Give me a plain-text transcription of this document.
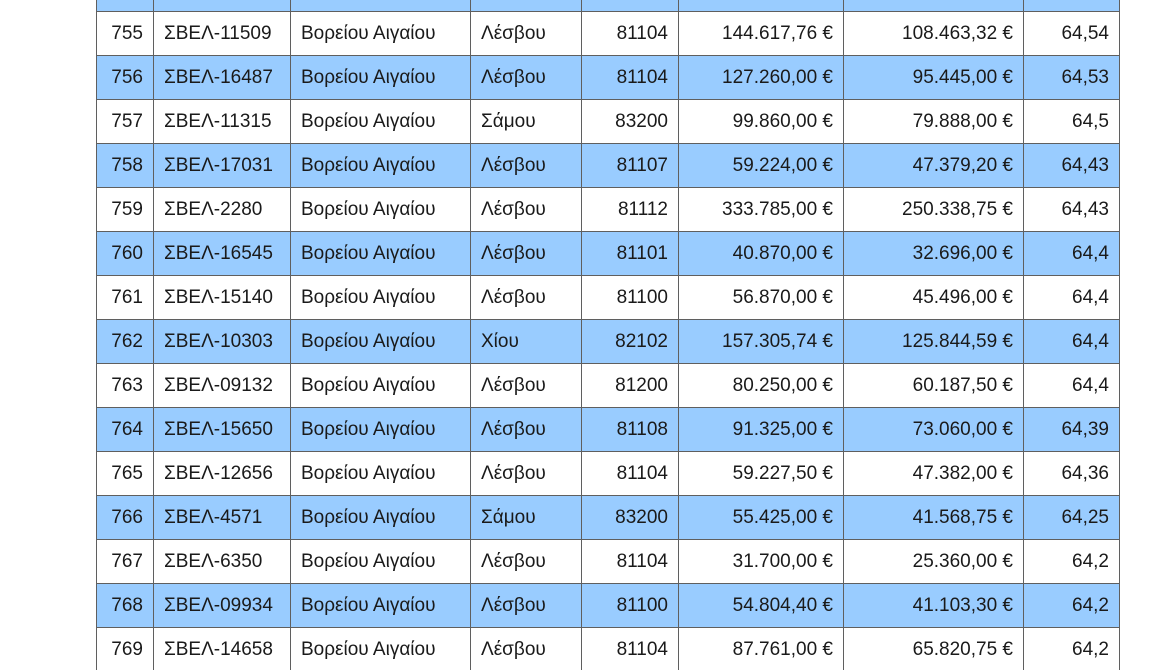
755	ΣΒΕΛ-11509	Βορείου Αιγαίου	Λέσβου	81104	144.617,76 €	108.463,32 €	64,54
756	ΣΒΕΛ-16487	Βορείου Αιγαίου	Λέσβου	81104	127.260,00 €	95.445,00 €	64,53
757	ΣΒΕΛ-11315	Βορείου Αιγαίου	Σάμου	83200	99.860,00 €	79.888,00 €	64,5
758	ΣΒΕΛ-17031	Βορείου Αιγαίου	Λέσβου	81107	59.224,00 €	47.379,20 €	64,43
759	ΣΒΕΛ-2280	Βορείου Αιγαίου	Λέσβου	81112	333.785,00 €	250.338,75 €	64,43
760	ΣΒΕΛ-16545	Βορείου Αιγαίου	Λέσβου	81101	40.870,00 €	32.696,00 €	64,4
761	ΣΒΕΛ-15140	Βορείου Αιγαίου	Λέσβου	81100	56.870,00 €	45.496,00 €	64,4
762	ΣΒΕΛ-10303	Βορείου Αιγαίου	Χίου	82102	157.305,74 €	125.844,59 €	64,4
763	ΣΒΕΛ-09132	Βορείου Αιγαίου	Λέσβου	81200	80.250,00 €	60.187,50 €	64,4
764	ΣΒΕΛ-15650	Βορείου Αιγαίου	Λέσβου	81108	91.325,00 €	73.060,00 €	64,39
765	ΣΒΕΛ-12656	Βορείου Αιγαίου	Λέσβου	81104	59.227,50 €	47.382,00 €	64,36
766	ΣΒΕΛ-4571	Βορείου Αιγαίου	Σάμου	83200	55.425,00 €	41.568,75 €	64,25
767	ΣΒΕΛ-6350	Βορείου Αιγαίου	Λέσβου	81104	31.700,00 €	25.360,00 €	64,2
768	ΣΒΕΛ-09934	Βορείου Αιγαίου	Λέσβου	81100	54.804,40 €	41.103,30 €	64,2
769	ΣΒΕΛ-14658	Βορείου Αιγαίου	Λέσβου	81104	87.761,00 €	65.820,75 €	64,2
